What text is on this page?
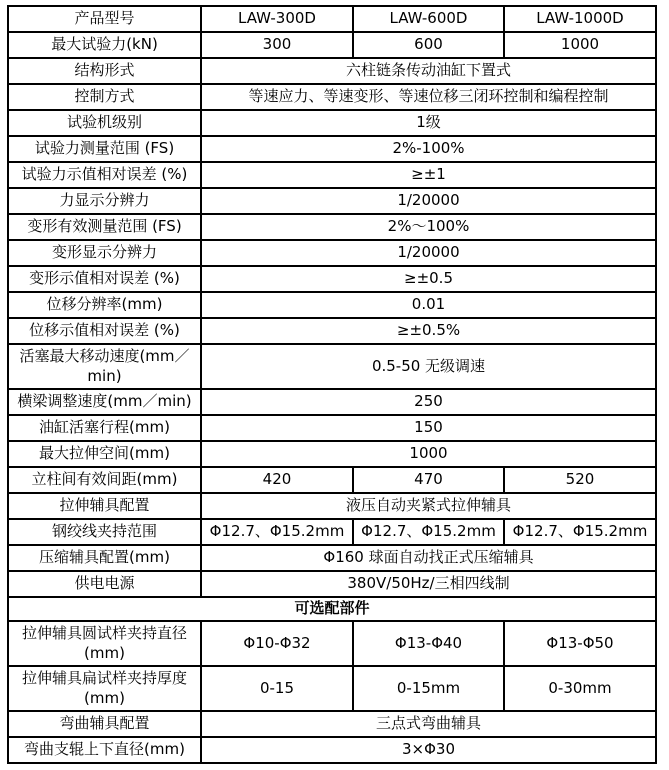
产品型号	LAW-300D	LAW-600D	LAW-1000D
最大试验力(kN)	300	600	1000
结构形式	六柱链条传动油缸下置式		
控制方式	等速应力、等速变形、等速位移三闭环控制和编程控制		
试验机级别	1级		
试验力测量范围 (FS)	2%-100%		
试验力示值相对误差 (%)	≥±1		
力显示分辨力	1/20000		
变形有效测量范围 (FS)	2%～100%		
变形显示分辨力	1/20000		
变形示值相对误差 (%)	≥±0.5		
位移分辨率(mm)	0.01		
位移示值相对误差 (%)	≥±0.5%		
活塞最大移动速度(mm／min)	0.5-50 无级调速		
横梁调整速度(mm／min)	250		
油缸活塞行程(mm)	150		
最大拉伸空间(mm)	1000		
立柱间有效间距(mm)	420	470	520
拉伸辅具配置	液压自动夹紧式拉伸辅具		
钢绞线夹持范围	Φ12.7、Φ15.2mm	Φ12.7、Φ15.2mm	Φ12.7、Φ15.2mm
压缩辅具配置(mm)	Φ160 球面自动找正式压缩辅具		
供电电源	380V/50Hz/三相四线制		
可选配部件			
拉伸辅具圆试样夹持直径(mm)	Φ10-Φ32	Φ13-Φ40	Φ13-Φ50
拉伸辅具扁试样夹持厚度(mm)	0-15	0-15mm	0-30mm
弯曲辅具配置	三点式弯曲辅具		
弯曲支辊上下直径(mm)	3×Φ30		
